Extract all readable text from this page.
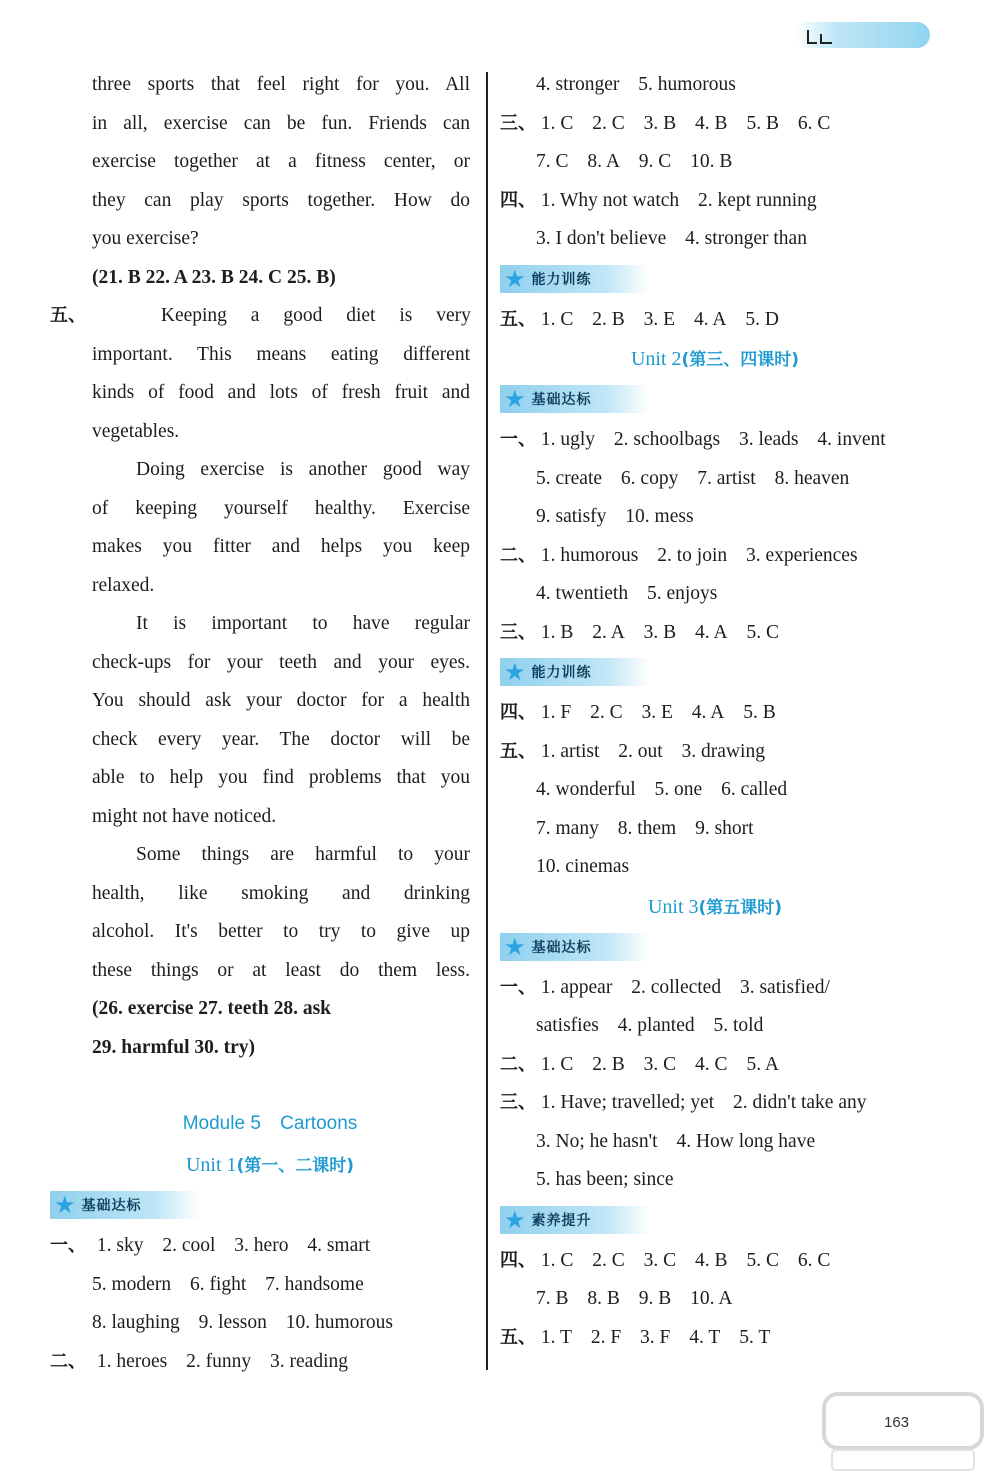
three sports that feel right for you. All
in all, exercise can be fun. Friends can
exercise together at a fitness center, or
they can play sports together. How do
you exercise?
(21. B 22. A 23. B 24. C 25. B)
五、	Keeping a good diet is very
important. This means eating different
kinds of food and lots of fresh fruit and
vegetables.
Doing exercise is another good way
of keeping yourself healthy. Exercise
makes you fitter and helps you keep
relaxed.
It is important to have regular
check-ups for your teeth and your eyes.
You should ask your doctor for a health
check every year. The doctor will be
able to help you find problems that you
might not have noticed.
Some things are harmful to your
health, like smoking and drinking
alcohol. It's better to try to give up
these things or at least do them less.
(26. exercise 27. teeth 28. ask
29. harmful 30. try)
Module 5 Cartoons
Unit 1(第一、二课时)
★ 基础达标
一、 1. sky 2. cool 3. hero 4. smart
5. modern 6. fight 7. handsome
8. laughing 9. lesson 10. humorous
二、 1. heroes 2. funny 3. reading
4. stronger 5. humorous
三、 1. C 2. C 3. B 4. B 5. B 6. C
7. C 8. A 9. C 10. B
四、 1. Why not watch 2. kept running
3. I don't believe 4. stronger than
★ 能力训练
五、 1. C 2. B 3. E 4. A 5. D
Unit 2(第三、四课时)
★ 基础达标
一、 1. ugly 2. schoolbags 3. leads 4. invent
5. create 6. copy 7. artist 8. heaven
9. satisfy 10. mess
二、 1. humorous 2. to join 3. experiences
4. twentieth 5. enjoys
三、 1. B 2. A 3. B 4. A 5. C
★ 能力训练
四、 1. F 2. C 3. E 4. A 5. B
五、 1. artist 2. out 3. drawing
4. wonderful 5. one 6. called
7. many 8. them 9. short
10. cinemas
Unit 3(第五课时)
★ 基础达标
一、 1. appear 2. collected 3. satisfied/
satisfies 4. planted 5. told
二、 1. C 2. B 3. C 4. C 5. A
三、 1. Have; travelled; yet 2. didn't take any
3. No; he hasn't 4. How long have
5. has been; since
★ 素养提升
四、 1. C 2. C 3. C 4. B 5. C 6. C
7. B 8. B 9. B 10. A
五、 1. T 2. F 3. F 4. T 5. T
163
